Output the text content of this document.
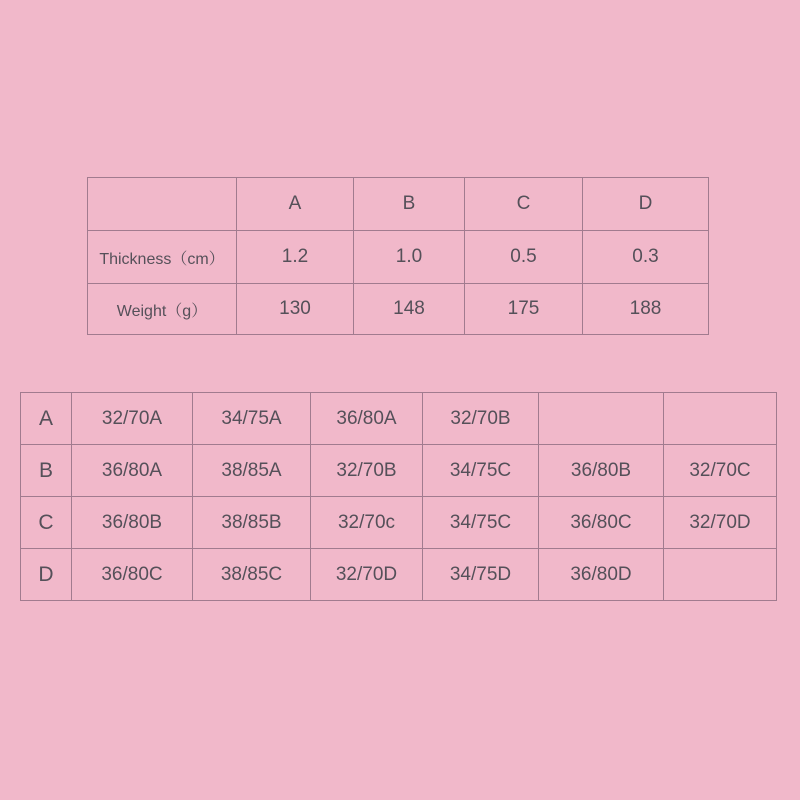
	A	B	C	D
Thickness（cm）	1.2	1.0	0.5	0.3
Weight（g）	130	148	175	188
A	32/70A	34/75A	36/80A	32/70B		
B	36/80A	38/85A	32/70B	34/75C	36/80B	32/70C
C	36/80B	38/85B	32/70c	34/75C	36/80C	32/70D
D	36/80C	38/85C	32/70D	34/75D	36/80D	
